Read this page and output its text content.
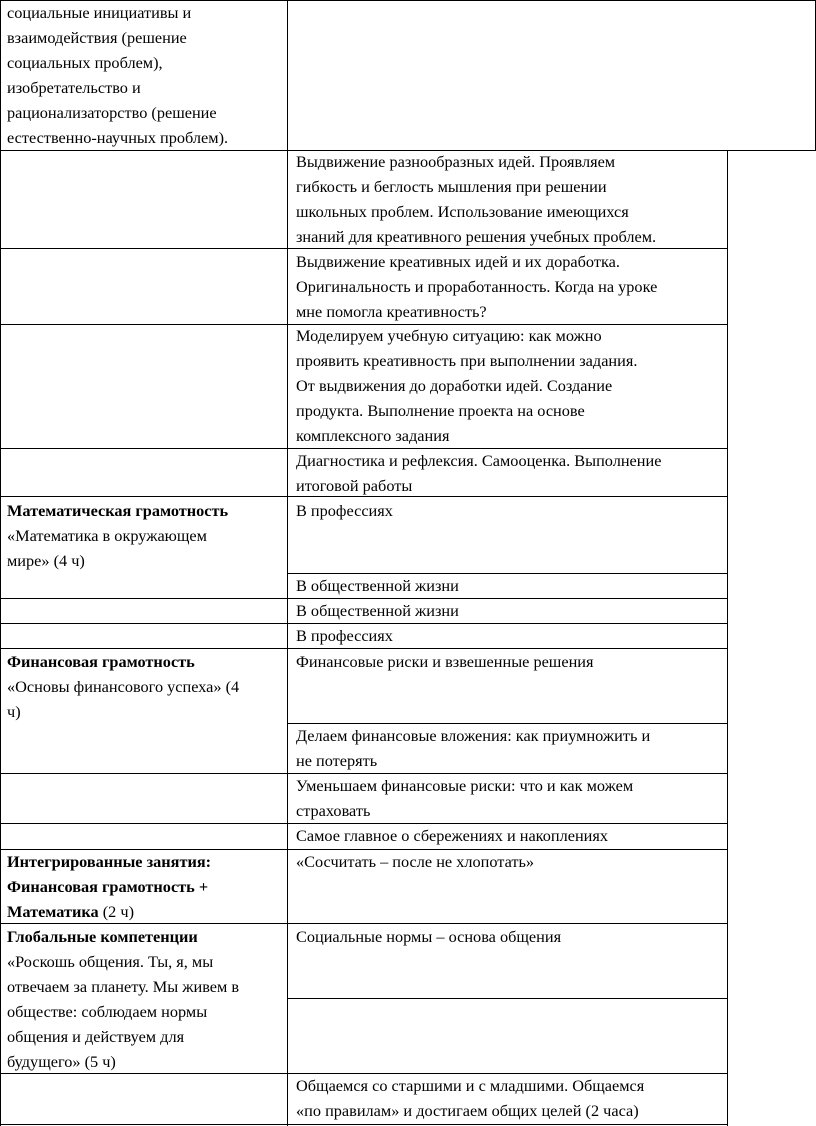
социальные инициативы и
взаимодействия (решение
социальных проблем),
изобретательство и
рационализаторство (решение
естественно-научных проблем).
Выдвижение разнообразных идей. Проявляем
гибкость и беглость мышления при решении
школьных проблем. Использование имеющихся
знаний для креативного решения учебных проблем.
Выдвижение креативных идей и их доработка.
Оригинальность и проработанность. Когда на уроке
мне помогла креативность?
Моделируем учебную ситуацию: как можно
проявить креативность при выполнении задания.
От выдвижения до доработки идей. Создание
продукта. Выполнение проекта на основе
комплексного задания
Диагностика и рефлексия. Самооценка. Выполнение
итоговой работы
Математическая грамотность
«Математика в окружающем
мире» (4 ч)
В профессиях
В общественной жизни
В общественной жизни
В профессиях
Финансовая грамотность
«Основы финансового успеха» (4
ч)
Финансовые риски и взвешенные решения
Делаем финансовые вложения: как приумножить и
не потерять
Уменьшаем финансовые риски: что и как можем
страховать
Самое главное о сбережениях и накоплениях
Интегрированные занятия:
Финансовая грамотность +
Математика (2 ч)
«Сосчитать – после не хлопотать»
Глобальные компетенции
«Роскошь общения. Ты, я, мы
отвечаем за планету. Мы живем в
обществе: соблюдаем нормы
общения и действуем для
будущего» (5 ч)
Социальные нормы – основа общения
Общаемся со старшими и с младшими. Общаемся
«по правилам» и достигаем общих целей (2 часа)
